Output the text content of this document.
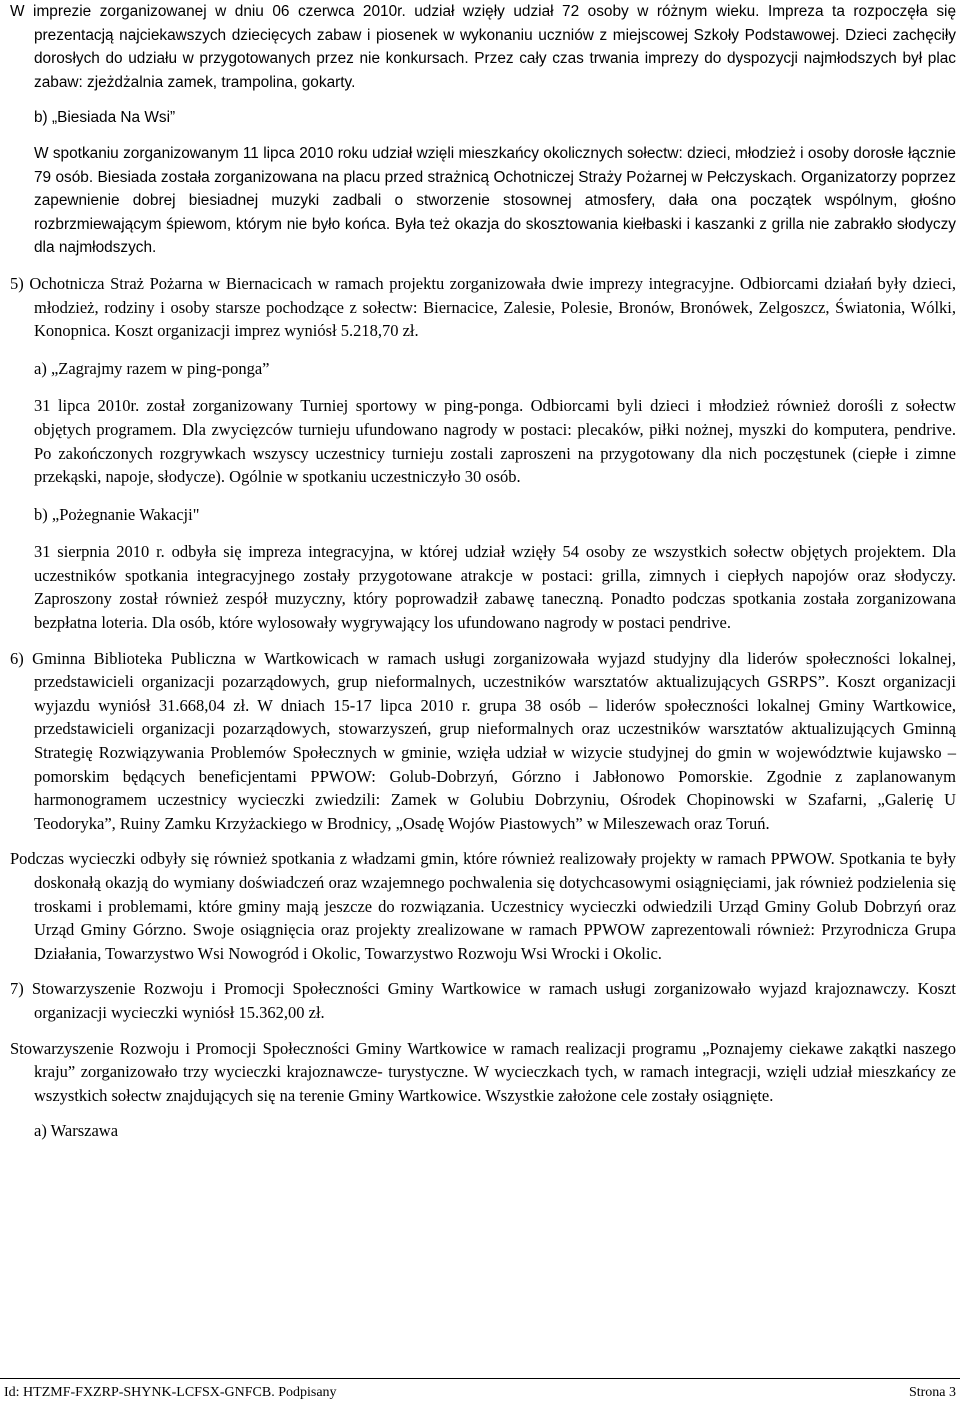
W imprezie zorganizowanej w dniu 06 czerwca 2010r. udział wzięły udział 72 osoby w różnym wieku. Impreza ta rozpoczęła się prezentacją najciekawszych dziecięcych zabaw i piosenek w wykonaniu uczniów z miejscowej Szkoły Podstawowej. Dzieci zachęciły dorosłych do udziału w przygotowanych przez nie konkursach. Przez cały czas trwania imprezy do dyspozycji najmłodszych był plac zabaw: zjeżdżalnia zamek, trampolina, gokarty.

b) „Biesiada Na Wsi”

W spotkaniu zorganizowanym 11 lipca 2010 roku udział wzięli mieszkańcy okolicznych sołectw: dzieci, młodzież i osoby dorosłe łącznie 79 osób. Biesiada została zorganizowana na placu przed strażnicą Ochotniczej Straży Pożarnej w Pełczyskach. Organizatorzy poprzez zapewnienie dobrej biesiadnej muzyki zadbali o stworzenie stosownej atmosfery, dała ona początek wspólnym, głośno rozbrzmiewającym śpiewom, którym nie było końca. Była też okazja do skosztowania kiełbaski i kaszanki z grilla nie zabrakło słodyczy dla najmłodszych.

5) Ochotnicza Straż Pożarna w Biernacicach w ramach projektu zorganizowała dwie imprezy integracyjne. Odbiorcami działań były dzieci, młodzież, rodziny i osoby starsze pochodzące z sołectw: Biernacice, Zalesie, Polesie, Bronów, Bronówek, Zelgoszcz, Światonia, Wólki, Konopnica. Koszt organizacji imprez wyniósł 5.218,70 zł.

a) „Zagrajmy razem w ping-ponga”

31 lipca 2010r. został zorganizowany Turniej sportowy w ping-ponga. Odbiorcami byli dzieci i młodzież również dorośli z sołectw objętych programem. Dla zwycięzców turnieju ufundowano nagrody w postaci: plecaków, piłki nożnej, myszki do komputera, pendrive. Po zakończonych rozgrywkach wszyscy uczestnicy turnieju zostali zaproszeni na przygotowany dla nich poczęstunek (ciepłe i zimne przekąski, napoje, słodycze). Ogólnie w spotkaniu uczestniczyło 30 osób.

b) „Pożegnanie Wakacji"

31 sierpnia 2010 r. odbyła się impreza integracyjna, w której udział wzięły 54 osoby ze wszystkich sołectw objętych projektem. Dla uczestników spotkania integracyjnego zostały przygotowane atrakcje w postaci: grilla, zimnych i ciepłych napojów oraz słodyczy. Zaproszony został również zespół muzyczny, który poprowadził zabawę taneczną. Ponadto podczas spotkania została zorganizowana bezpłatna loteria. Dla osób, które wylosowały wygrywający los ufundowano nagrody w postaci pendrive.

6) Gminna Biblioteka Publiczna w Wartkowicach w ramach usługi zorganizowała wyjazd studyjny dla liderów społeczności lokalnej, przedstawicieli organizacji pozarządowych, grup nieformalnych, uczestników warsztatów aktualizujących GSRPS”. Koszt organizacji wyjazdu wyniósł 31.668,04 zł. W dniach 15-17 lipca 2010 r. grupa 38 osób – liderów społeczności lokalnej Gminy Wartkowice, przedstawicieli organizacji pozarządowych, stowarzyszeń, grup nieformalnych oraz uczestników warsztatów aktualizujących Gminną Strategię Rozwiązywania Problemów Społecznych w gminie, wzięła udział w wizycie studyjnej do gmin w województwie kujawsko – pomorskim będących beneficjentami PPWOW: Golub-Dobrzyń, Górzno i Jabłonowo Pomorskie. Zgodnie z zaplanowanym harmonogramem uczestnicy wycieczki zwiedzili: Zamek w Golubiu Dobrzyniu, Ośrodek Chopinowski w Szafarni, „Galerię U Teodoryka”, Ruiny Zamku Krzyżackiego w Brodnicy, „Osadę Wojów Piastowych” w Mileszewach oraz Toruń.

Podczas wycieczki odbyły się również spotkania z władzami gmin, które również realizowały projekty w ramach PPWOW. Spotkania te były doskonałą okazją do wymiany doświadczeń oraz wzajemnego pochwalenia się dotychcasowymi osiągnięciami, jak również podzielenia się troskami i problemami, które gminy mają jeszcze do rozwiązania. Uczestnicy wycieczki odwiedzili Urząd Gminy Golub Dobrzyń oraz Urząd Gminy Górzno. Swoje osiągnięcia oraz projekty zrealizowane w ramach PPWOW zaprezentowali również: Przyrodnicza Grupa Działania, Towarzystwo Wsi Nowogród i Okolic, Towarzystwo Rozwoju Wsi Wrocki i Okolic.

7) Stowarzyszenie Rozwoju i Promocji Społeczności Gminy Wartkowice w ramach usługi zorganizowało wyjazd krajoznawczy. Koszt organizacji wycieczki wyniósł 15.362,00 zł.

Stowarzyszenie Rozwoju i Promocji Społeczności Gminy Wartkowice w ramach realizacji programu „Poznajemy ciekawe zakątki naszego kraju” zorganizowało trzy wycieczki krajoznawcze- turystyczne. W wycieczkach tych, w ramach integracji, wzięli udział mieszkańcy ze wszystkich sołectw znajdujących się na terenie Gminy Wartkowice. Wszystkie założone cele zostały osiągnięte.

a) Warszawa

Id: HTZMF-FXZRP-SHYNK-LCFSX-GNFCB. Podpisany	Strona 3
